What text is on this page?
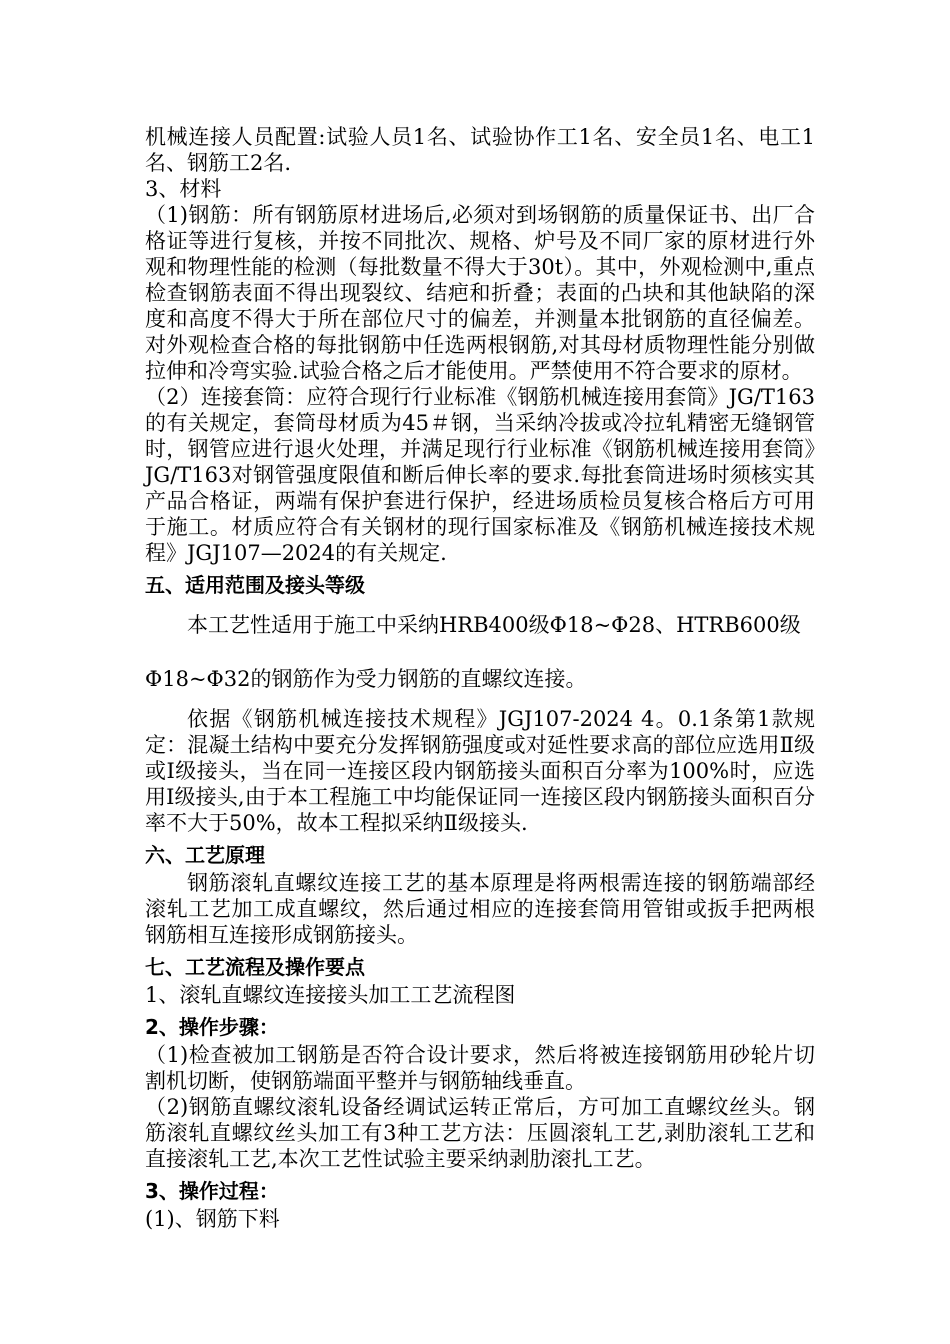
机械连接人员配置:试验人员1名、试验协作工1名、安全员1名、电工1名、钢筋工2名.

3、材料

（1)钢筋：所有钢筋原材进场后,必须对到场钢筋的质量保证书、出厂合格证等进行复核，并按不同批次、规格、炉号及不同厂家的原材进行外观和物理性能的检测（每批数量不得大于30t）。其中，外观检测中,重点检查钢筋表面不得出现裂纹、结疤和折叠；表面的凸块和其他缺陷的深度和高度不得大于所在部位尺寸的偏差，并测量本批钢筋的直径偏差。对外观检查合格的每批钢筋中任选两根钢筋,对其母材质物理性能分别做拉伸和冷弯实验.试验合格之后才能使用。严禁使用不符合要求的原材。

（2）连接套筒：应符合现行行业标准《钢筋机械连接用套筒》JG/T163的有关规定，套筒母材质为45＃钢，当采纳冷拔或冷拉轧精密无缝钢管时，钢管应进行退火处理，并满足现行行业标准《钢筋机械连接用套筒》JG/T163对钢管强度限值和断后伸长率的要求.每批套筒进场时须核实其产品合格证，两端有保护套进行保护，经进场质检员复核合格后方可用于施工。材质应符合有关钢材的现行国家标准及《钢筋机械连接技术规程》JGJ107—2024的有关规定.

五、适用范围及接头等级

本工艺性适用于施工中采纳HRB400级Φ18~Φ28、HTRB600级

Φ18~Φ32的钢筋作为受力钢筋的直螺纹连接。

依据《钢筋机械连接技术规程》JGJ107-2024 4。0.1条第1款规定：混凝土结构中要充分发挥钢筋强度或对延性要求高的部位应选用Ⅱ级或Ⅰ级接头，当在同一连接区段内钢筋接头面积百分率为100%时，应选用Ⅰ级接头,由于本工程施工中均能保证同一连接区段内钢筋接头面积百分率不大于50%，故本工程拟采纳Ⅱ级接头.

六、工艺原理

钢筋滚轧直螺纹连接工艺的基本原理是将两根需连接的钢筋端部经滚轧工艺加工成直螺纹，然后通过相应的连接套筒用管钳或扳手把两根钢筋相互连接形成钢筋接头。

七、工艺流程及操作要点

1、滚轧直螺纹连接接头加工工艺流程图

2、操作步骤：

（1)检查被加工钢筋是否符合设计要求，然后将被连接钢筋用砂轮片切割机切断，使钢筋端面平整并与钢筋轴线垂直。

（2)钢筋直螺纹滚轧设备经调试运转正常后，方可加工直螺纹丝头。钢筋滚轧直螺纹丝头加工有3种工艺方法：压圆滚轧工艺,剥肋滚轧工艺和直接滚轧工艺,本次工艺性试验主要采纳剥肋滚扎工艺。

3、操作过程：

(1)、钢筋下料
